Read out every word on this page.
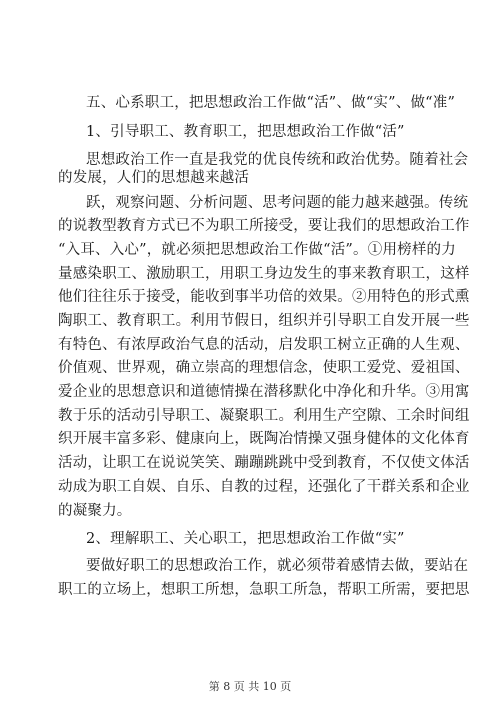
五、心系职工，把思想政治工作做“活”、做“实”、做“准”
1、引导职工、教育职工，把思想政治工作做“活”
思想政治工作一直是我党的优良传统和政治优势。随着社会
的发展，人们的思想越来越活
跃，观察问题、分析问题、思考问题的能力越来越强。传统
的说教型教育方式已不为职工所接受，要让我们的思想政治工作
“入耳、入心”，就必须把思想政治工作做“活”。①用榜样的力
量感染职工、激励职工，用职工身边发生的事来教育职工，这样
他们往往乐于接受，能收到事半功倍的效果。②用特色的形式熏
陶职工、教育职工。利用节假日，组织并引导职工自发开展一些
有特色、有浓厚政治气息的活动，启发职工树立正确的人生观、
价值观、世界观，确立崇高的理想信念，使职工爱党、爱祖国、
爱企业的思想意识和道德情操在潜移默化中净化和升华。③用寓
教于乐的活动引导职工、凝聚职工。利用生产空隙、工余时间组
织开展丰富多彩、健康向上，既陶冶情操又强身健体的文化体育
活动，让职工在说说笑笑、蹦蹦跳跳中受到教育，不仅使文体活
动成为职工自娱、自乐、自教的过程，还强化了干群关系和企业
的凝聚力。
2、理解职工、关心职工，把思想政治工作做“实”
要做好职工的思想政治工作，就必须带着感情去做，要站在
职工的立场上，想职工所想，急职工所急，帮职工所需，要把思
第 8 页 共 10 页
